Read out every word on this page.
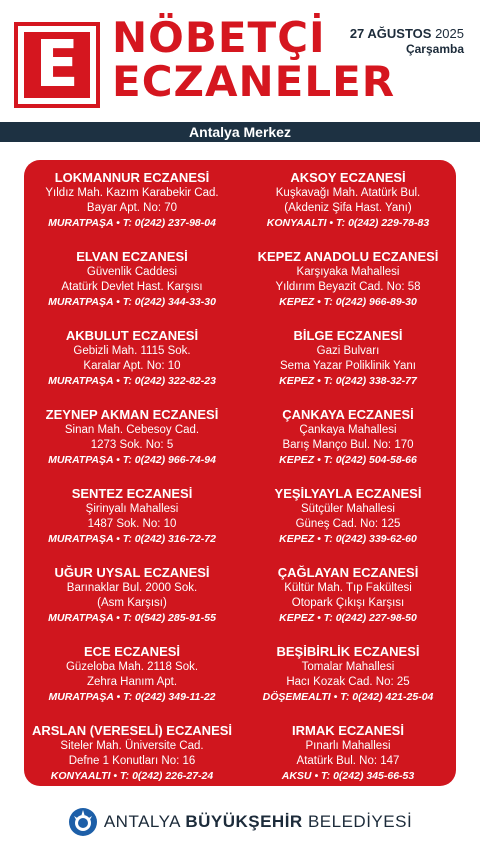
E NÖBETÇİ
ECZANELER
27 AĞUSTOS 2025
Çarşamba
Antalya Merkez
LOKMANNUR ECZANESİ
Yıldız Mah. Kazım Karabekir Cad.
Bayar Apt. No: 70
MURATPAŞA • T: 0(242) 237-98-04
ELVAN ECZANESİ
Güvenlik Caddesi
Atatürk Devlet Hast. Karşısı
MURATPAŞA • T: 0(242) 344-33-30
AKBULUT ECZANESİ
Gebizli Mah. 1115 Sok.
Karalar Apt. No: 10
MURATPAŞA • T: 0(242) 322-82-23
ZEYNEP AKMAN ECZANESİ
Sinan Mah. Cebesoy Cad.
1273 Sok. No: 5
MURATPAŞA • T: 0(242) 966-74-94
SENTEZ ECZANESİ
Şirinyalı Mahallesi
1487 Sok. No: 10
MURATPAŞA • T: 0(242) 316-72-72
UĞUR UYSAL ECZANESİ
Barınaklar Bul. 2000 Sok.
(Asm Karşısı)
MURATPAŞA • T: 0(542) 285-91-55
ECE ECZANESİ
Güzeloba Mah. 2118 Sok.
Zehra Hanım Apt.
MURATPAŞA • T: 0(242) 349-11-22
ARSLAN (VERESELİ) ECZANESİ
Siteler Mah. Üniversite Cad.
Defne 1 Konutları No: 16
KONYAALTI • T: 0(242) 226-27-24
AKSOY ECZANESİ
Kuşkavağı Mah. Atatürk Bul.
(Akdeniz Şifa Hast. Yanı)
KONYAALTI • T: 0(242) 229-78-83
KEPEZ ANADOLU ECZANESİ
Karşıyaka Mahallesi
Yıldırım Beyazit Cad. No: 58
KEPEZ • T: 0(242) 966-89-30
BİLGE ECZANESİ
Gazi Bulvarı
Sema Yazar Poliklinik Yanı
KEPEZ • T: 0(242) 338-32-77
ÇANKAYA ECZANESİ
Çankaya Mahallesi
Barış Manço Bul. No: 170
KEPEZ • T: 0(242) 504-58-66
YEŞİLYAYLA ECZANESİ
Sütçüler Mahallesi
Güneş Cad. No: 125
KEPEZ • T: 0(242) 339-62-60
ÇAĞLAYAN ECZANESİ
Kültür Mah. Tıp Fakültesi
Otopark Çıkışı Karşısı
KEPEZ • T: 0(242) 227-98-50
BEŞİBİRLİK ECZANESİ
Tomalar Mahallesi
Hacı Kozak Cad. No: 25
DÖŞEMEALTI • T: 0(242) 421-25-04
IRMAK ECZANESİ
Pınarlı Mahallesi
Atatürk Bul. No: 147
AKSU • T: 0(242) 345-66-53
ANTALYA BÜYÜKŞEHİR BELEDİYESİ
